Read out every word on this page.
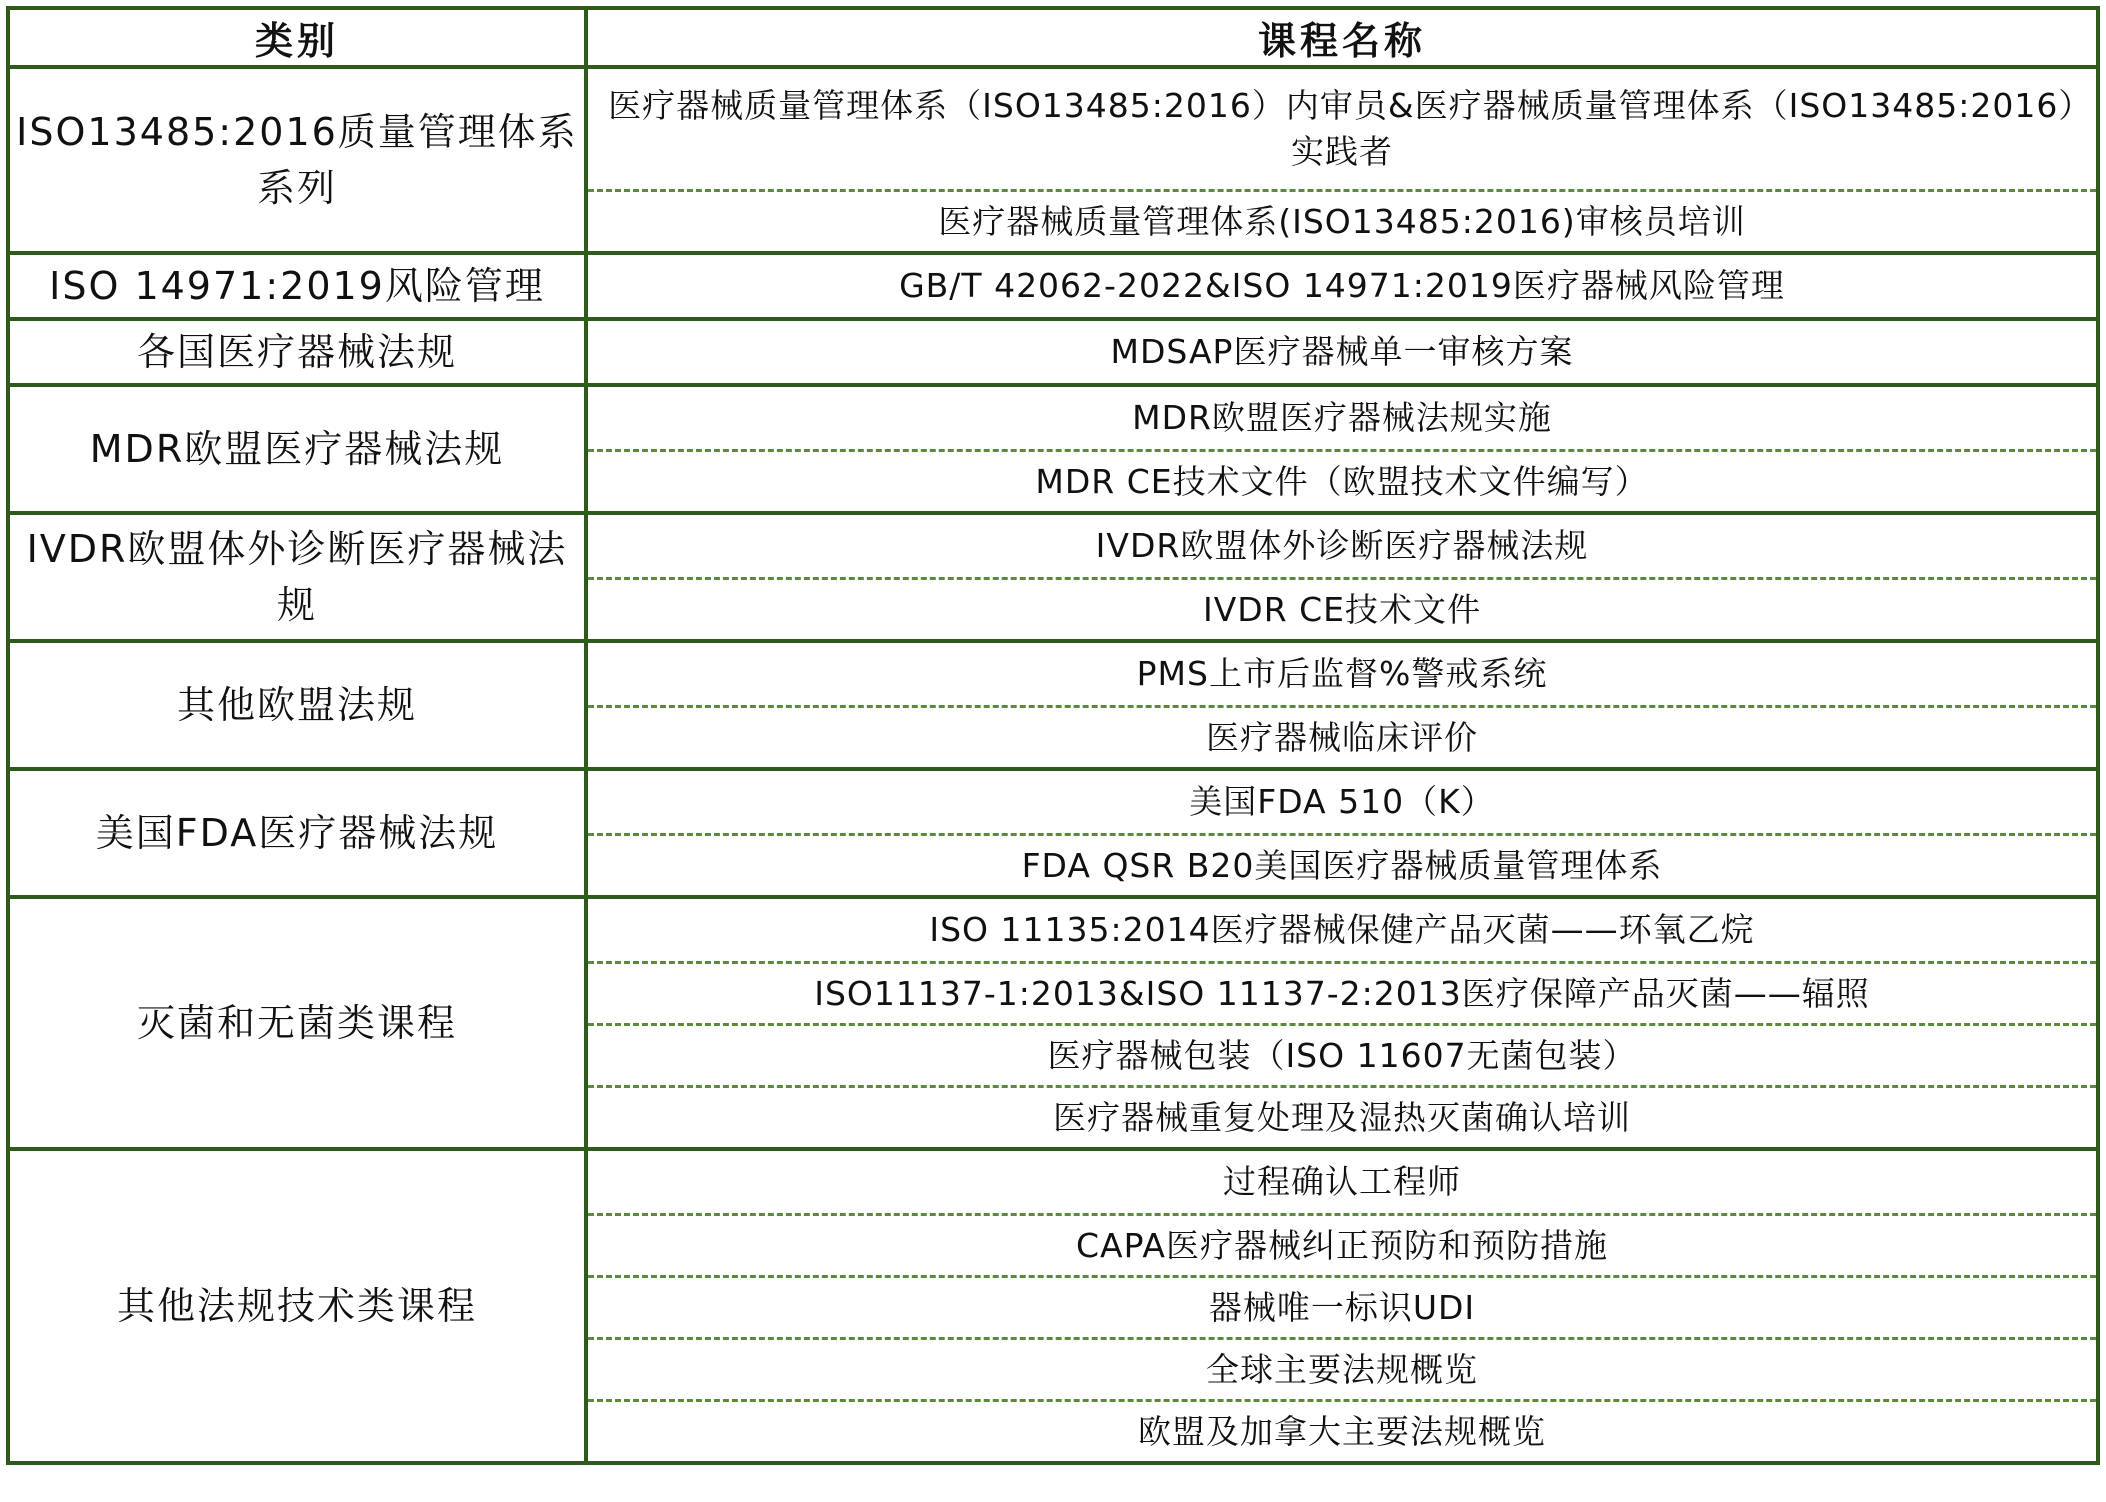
类别	课程名称
ISO13485:2016质量管理体系系列	医疗器械质量管理体系（ISO13485:2016）内审员&医疗器械质量管理体系（ISO13485:2016）实践者
医疗器械质量管理体系(ISO13485:2016)审核员培训

ISO 14971:2019风险管理	GB/T 42062-2022&ISO 14971:2019医疗器械风险管理

各国医疗器械法规	MDSAP医疗器械单一审核方案

MDR欧盟医疗器械法规	MDR欧盟医疗器械法规实施
MDR CE技术文件（欧盟技术文件编写）

IVDR欧盟体外诊断医疗器械法规	IVDR欧盟体外诊断医疗器械法规
IVDR CE技术文件

其他欧盟法规	PMS上市后监督%警戒系统
医疗器械临床评价

美国FDA医疗器械法规	美国FDA 510（K）
FDA QSR B20美国医疗器械质量管理体系

灭菌和无菌类课程	ISO 11135:2014医疗器械保健产品灭菌——环氧乙烷
ISO11137-1:2013&ISO 11137-2:2013医疗保障产品灭菌——辐照
医疗器械包装（ISO 11607无菌包装）
医疗器械重复处理及湿热灭菌确认培训

其他法规技术类课程	过程确认工程师
CAPA医疗器械纠正预防和预防措施
器械唯一标识UDI
全球主要法规概览
欧盟及加拿大主要法规概览
